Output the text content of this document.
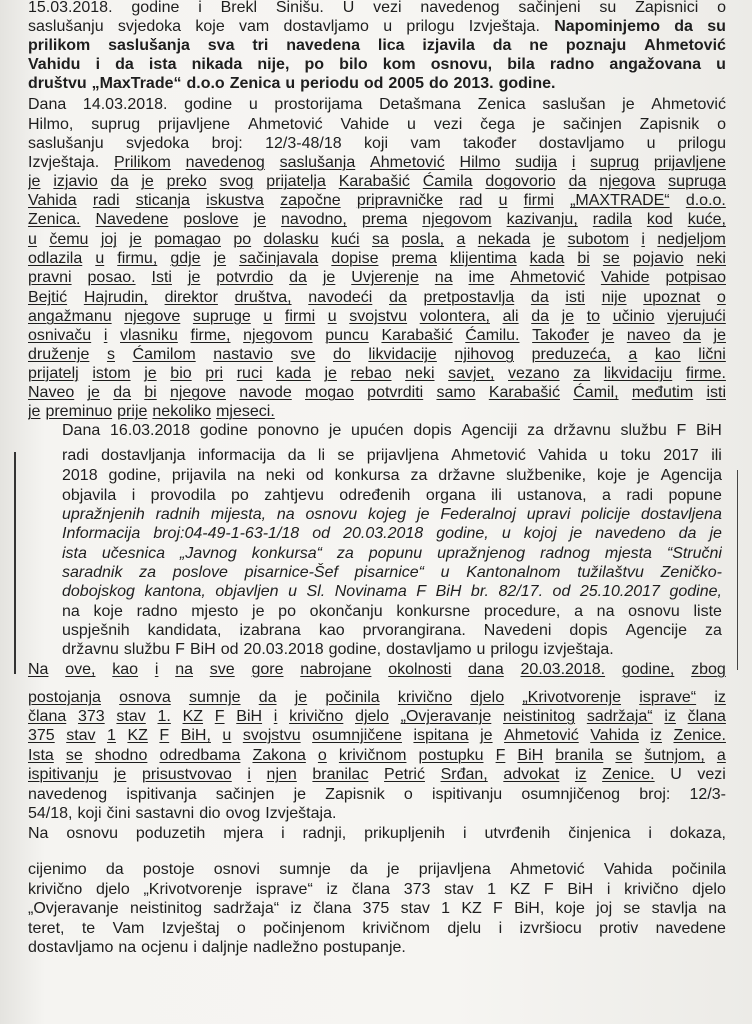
15.03.2018. godine i Brekl Sinišu. U vezi navedenog sačinjeni su Zapisnici o
saslušanju svjedoka koje vam dostavljamo u prilogu Izvještaja. Napominjemo da su
prilikom saslušanja sva tri navedena lica izjavila da ne poznaju Ahmetović
Vahidu i da ista nikada nije, po bilo kom osnovu, bila radno angažovana u
društvu „MaxTrade“ d.o.o Zenica u periodu od 2005 do 2013. godine.
Dana 14.03.2018. godine u prostorijama Detašmana Zenica saslušan je Ahmetović
Hilmo, suprug prijavljene Ahmetović Vahide u vezi čega je sačinjen Zapisnik o
saslušanju svjedoka broj: 12/3-48/18 koji vam također dostavljamo u prilogu
Izvještaja. Prilikom navedenog saslušanja Ahmetović Hilmo sudija i suprug prijavljene
je izjavio da je preko svog prijatelja Karabašić Ćamila dogovorio da njegova supruga
Vahida radi sticanja iskustva započne pripravničke rad u firmi „MAXTRADE“ d.o.o.
Zenica. Navedene poslove je navodno, prema njegovom kazivanju, radila kod kuće,
u čemu joj je pomagao po dolasku kući sa posla, a nekada je subotom i nedjeljom
odlazila u firmu, gdje je sačinjavala dopise prema klijentima kada bi se pojavio neki
pravni posao. Isti je potvrdio da je Uvjerenje na ime Ahmetović Vahide potpisao
Bejtić Hajrudin, direktor društva, navodeći da pretpostavlja da isti nije upoznat o
angažmanu njegove supruge u firmi u svojstvu volontera, ali da je to učinio vjerujući
osnivaču i vlasniku firme, njegovom puncu Karabašić Ćamilu. Također je naveo da je
druženje s Ćamilom nastavio sve do likvidacije njihovog preduzeća, a kao lični
prijatelj istom je bio pri ruci kada je rebao neki savjet, vezano za likvidaciju firme.
Naveo je da bi njegove navode mogao potvrditi samo Karabašić Ćamil, međutim isti
je preminuo prije nekoliko mjeseci.
Dana 16.03.2018 godine ponovno je upućen dopis Agenciji za državnu službu F BiH
radi dostavljanja informacija da li se prijavljena Ahmetović Vahida u toku 2017 ili
2018 godine, prijavila na neki od konkursa za državne službenike, koje je Agencija
objavila i provodila po zahtjevu određenih organa ili ustanova, a radi popune
upražnjenih radnih mijesta, na osnovu kojeg je Federalnoj upravi policije dostavljena
Informacija broj:04-49-1-63-1/18 od 20.03.2018 godine, u kojoj je navedeno da je
ista učesnica „Javnog konkursa“ za popunu upražnjenog radnog mjesta “Stručni
saradnik za poslove pisarnice-Šef pisarnice“ u Kantonalnom tužilaštvu Zeničko-
dobojskog kantona, objavljen u Sl. Novinama F BiH br. 82/17. od 25.10.2017 godine,
na koje radno mjesto je po okončanju konkursne procedure, a na osnovu liste
uspješnih kandidata, izabrana kao prvorangirana. Navedeni dopis Agencije za
državnu službu F BiH od 20.03.2018 godine, dostavljamo u prilogu izvještaja.
Na ove, kao i na sve gore nabrojane okolnosti dana 20.03.2018. godine, zbog
postojanja osnova sumnje da je počinila krivično djelo „Krivotvorenje isprave“ iz
člana 373 stav 1. KZ F BiH i krivično djelo „Ovjeravanje neistinitog sadržaja“ iz člana
375 stav 1 KZ F BiH, u svojstvu osumnjičene ispitana je Ahmetović Vahida iz Zenice.
Ista se shodno odredbama Zakona o krivičnom postupku F BiH branila se šutnjom, a
ispitivanju je prisustvovao i njen branilac Petrić Srđan, advokat iz Zenice. U vezi
navedenog ispitivanja sačinjen je Zapisnik o ispitivanju osumnjičenog broj: 12/3-
54/18, koji čini sastavni dio ovog Izvještaja.
Na osnovu poduzetih mjera i radnji, prikupljenih i utvrđenih činjenica i dokaza,
cijenimo da postoje osnovi sumnje da je prijavljena Ahmetović Vahida počinila
krivično djelo „Krivotvorenje isprave“ iz člana 373 stav 1 KZ F BiH i krivično djelo
„Ovjeravanje neistinitog sadržaja“ iz člana 375 stav 1 KZ F BiH, koje joj se stavlja na
teret, te Vam Izvještaj o počinjenom krivičnom djelu i izvršiocu protiv navedene
dostavljamo na ocjenu i daljnje nadležno postupanje.
